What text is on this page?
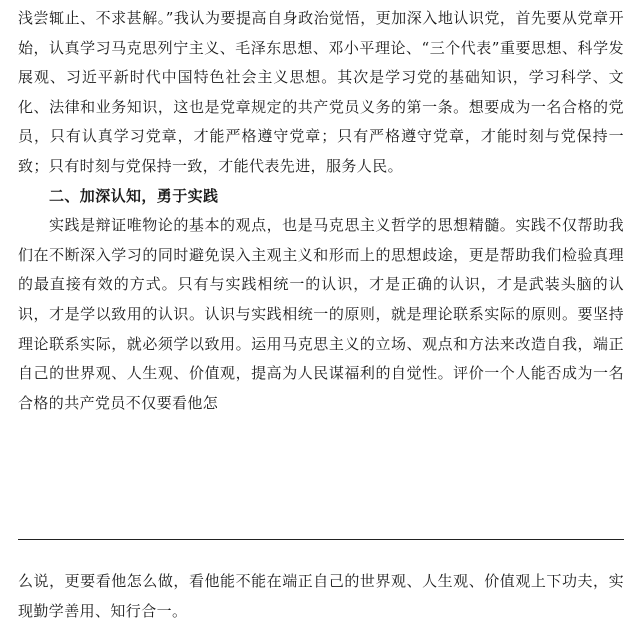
浅尝辄止、不求甚解。”我认为要提高自身政治觉悟，更加深入地认识党，首先要从党章开始，认真学习马克思列宁主义、毛泽东思想、邓小平理论、“三个代表”重要思想、科学发展观、习近平新时代中国特色社会主义思想。其次是学习党的基础知识，学习科学、文化、法律和业务知识，这也是党章规定的共产党员义务的第一条。想要成为一名合格的党员，只有认真学习党章，才能严格遵守党章；只有严格遵守党章，才能时刻与党保持一致；只有时刻与党保持一致，才能代表先进，服务人民。

二、加深认知，勇于实践

实践是辩证唯物论的基本的观点，也是马克思主义哲学的思想精髓。实践不仅帮助我们在不断深入学习的同时避免误入主观主义和形而上的思想歧途，更是帮助我们检验真理的最直接有效的方式。只有与实践相统一的认识，才是正确的认识，才是武装头脑的认识，才是学以致用的认识。认识与实践相统一的原则，就是理论联系实际的原则。要坚持理论联系实际，就必须学以致用。运用马克思主义的立场、观点和方法来改造自我，端正自己的世界观、人生观、价值观，提高为人民谋福利的自觉性。评价一个人能否成为一名合格的共产党员不仅要看他怎

么说，更要看他怎么做，看他能不能在端正自己的世界观、人生观、价值观上下功夫，实现勤学善用、知行合一。
